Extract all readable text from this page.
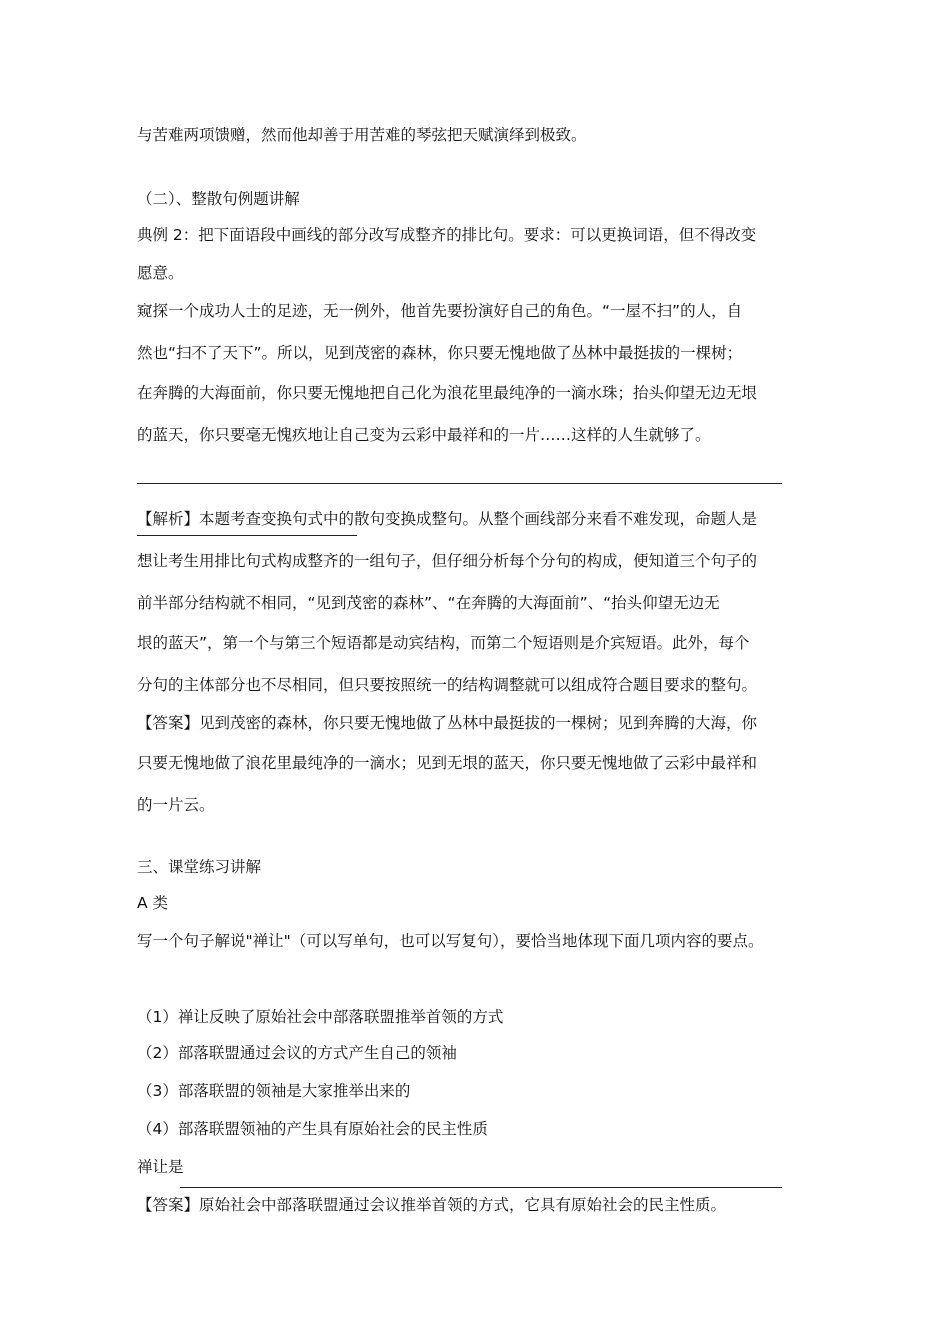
与苦难两项馈赠，然而他却善于用苦难的琴弦把天赋演绎到极致。
（二）、整散句例题讲解
典例 2：把下面语段中画线的部分改写成整齐的排比句。要求：可以更换词语，但不得改变
愿意。
窥探一个成功人士的足迹，无一例外，他首先要扮演好自己的角色。“一屋不扫”的人，自
然也“扫不了天下”。所以，见到茂密的森林，你只要无愧地做了丛林中最挺拔的一棵树；
在奔腾的大海面前，你只要无愧地把自己化为浪花里最纯净的一滴水珠；抬头仰望无边无垠
的蓝天，你只要毫无愧疚地让自己变为云彩中最祥和的一片……这样的人生就够了。
【解析】本题考查变换句式中的散句变换成整句。从整个画线部分来看不难发现，命题人是
想让考生用排比句式构成整齐的一组句子，但仔细分析每个分句的构成，便知道三个句子的
前半部分结构就不相同，“见到茂密的森林”、“在奔腾的大海面前”、“抬头仰望无边无
垠的蓝天”，第一个与第三个短语都是动宾结构，而第二个短语则是介宾短语。此外，每个
分句的主体部分也不尽相同，但只要按照统一的结构调整就可以组成符合题目要求的整句。
【答案】见到茂密的森林，你只要无愧地做了丛林中最挺拔的一棵树；见到奔腾的大海，你
只要无愧地做了浪花里最纯净的一滴水；见到无垠的蓝天，你只要无愧地做了云彩中最祥和
的一片云。
三、课堂练习讲解
A 类
写一个句子解说"禅让"（可以写单句，也可以写复句），要恰当地体现下面几项内容的要点。
（1）禅让反映了原始社会中部落联盟推举首领的方式
（2）部落联盟通过会议的方式产生自己的领袖
（3）部落联盟的领袖是大家推举出来的
（4）部落联盟领袖的产生具有原始社会的民主性质
禅让是
【答案】原始社会中部落联盟通过会议推举首领的方式，它具有原始社会的民主性质。
